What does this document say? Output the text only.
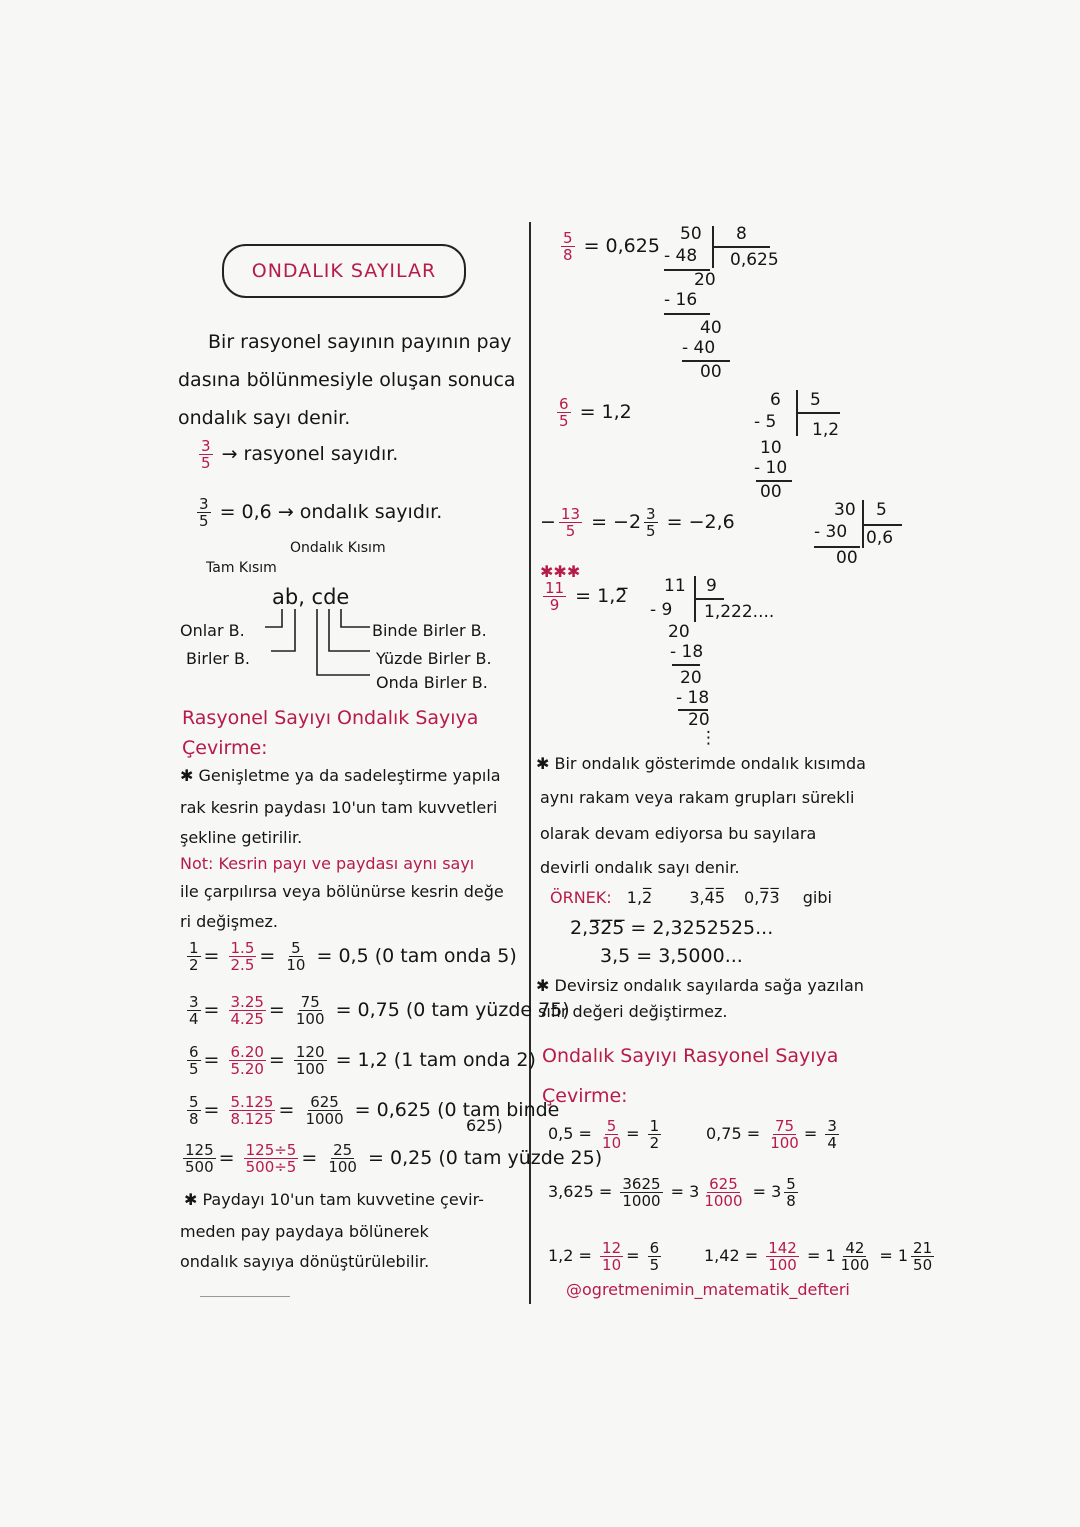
ONDALIK SAYILAR
Bir rasyonel sayının payının pay
dasına bölünmesiyle oluşan sonuca
ondalık sayı denir.
$\frac{3}{5}$ → rasyonel sayıdır.
$\frac{3}{5} = 0,6$ → ondalık sayıdır.
Ondalık Kısım
Tam Kısım
ab, cde
Onlar B.
Birler B.
Binde Birler B.
Yüzde Birler B.
Onda Birler B.
Rasyonel Sayıyı Ondalık Sayıya
Çevirme:
✱ Genişletme ya da sadeleştirme yapıla
rak kesrin paydası 10'un tam kuvvetleri
şekline getirilir.
Not: Kesrin payı ve paydası aynı sayı
ile çarpılırsa veya bölünürse kesrin değe
ri değişmez.
$\frac{1}{2} = \frac{1.5}{2.5} = \frac{5}{10} = 0,5$ (0 tam onda 5)
$\frac{3}{4} = \frac{3.25}{4.25} = \frac{75}{100} = 0,75$ (0 tam yüzde 75)
$\frac{6}{5} = \frac{6.20}{5.20} = \frac{120}{100} = 1,2$ (1 tam onda 2)
$\frac{5}{8} = \frac{5.125}{8.125} = \frac{625}{1000} = 0,625$ (0 tam binde
625)
$\frac{125}{500} = \frac{125\div 5}{500\div 5} = \frac{25}{100} = 0,25$ (0 tam yüzde 25)
✱ Paydayı 10'un tam kuvvetine çevir-
meden pay paydaya bölünerek
ondalık sayıya dönüştürülebilir.
$\frac{5}{8} = 0,625$
50 8
0,625
- 48
20
- 16
40
- 40
00
$\frac{6}{5} = 1,2$
6 5
1,2
- 5
10
- 10
00
− $\frac{13}{5} = -2 \frac{3}{5} = -2,6$
30 5
0,6
- 30
00
✱✱✱
$\frac{11}{9}$ = 1,2̅ 11 9
1,222....
- 9
20
- 18
20
- 18
20
⋮
✱ Bir ondalık gösterimde ondalık kısımda
aynı rakam veya rakam grupları sürekli
olarak devam ediyorsa bu sayılara
devirli ondalık sayı denir.
ÖRNEK: 1,2̅ 3,4̅5̅ 0,7̅3̅ gibi
2,3̅2̅5̅ = 2,3252525...
3,5 = 3,5000...
✱ Devirsiz ondalık sayılarda sağa yazılan
sıfır değeri değiştirmez.
Ondalık Sayıyı Rasyonel Sayıya
Çevirme:
$0,5 = \frac{5}{10} = \frac{1}{2}$	$0,75 = \frac{75}{100} = \frac{3}{4}$
$3,625 = \frac{3625}{1000} = 3 \frac{625}{1000} = 3 \frac{5}{8}$
$1,2 = \frac{12}{10} = \frac{6}{5}$	$1,42 = \frac{142}{100} = 1 \frac{42}{100} = 1 \frac{21}{50}$
@ogretmenimin_matematik_defteri
